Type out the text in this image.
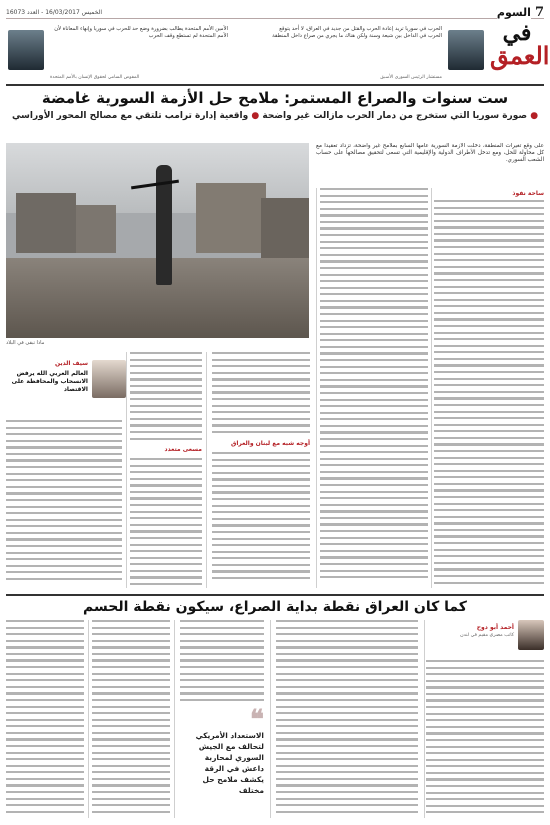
7
السوم
الخميس 16/03/2017 - العدد 16073
في
العمق
الحرب في سوريا تريد إعادة الحرب والقتل من جديد في العراق، لا أحد يتوقع الحرب في الداخل بين شيعة وسنة ولكن هناك ما يجري من صراع داخل المنطقة
مستشار الرئيس السوري الأسبق
الأمين الأمم المتحدة يطالب بضرورة وضع حد للحرب في سوريا وإنهاء المعاناة لأن الأمم المتحدة لم تستطع وقف الحرب
المفوض السامي لحقوق الإنسان بالأمم المتحدة
ست سنوات والصراع المستمر: ملامح حل الأزمة السورية غامضة
● صورة سوريا التي ستخرج من دمار الحرب مازالت غير واضحة ● واقعية إدارة ترامب تلتقي مع مصالح المحور الأوراسي
على وقع تغيرات المنطقة، دخلت الأزمة السورية عامها السابع بملامح غير واضحة، تزداد تعقيدا مع كل محاولة للحل، ومع تدخل الأطراف الدولية والإقليمية التي تسعى لتحقيق مصالحها على حساب الشعب السوري.
ماذا تبقى في البلاد
ساحة نفوذ
أوجه شبه مع لبنان والعراق
مسعى متعدد
سيف الدين
العالم العربي الله يرفض الانسحاب والمحافظة على الاقتصاد
كما كان العراق نقطة بداية الصراع، سيكون نقطة الحسم
أحمد أبو دوح
كاتب مصري مقيم في لندن
❝
الاستعداد الأمريكي لتحالف مع الجيش السوري لمحاربة داعش في الرقة يكشف ملامح حل مختلف
